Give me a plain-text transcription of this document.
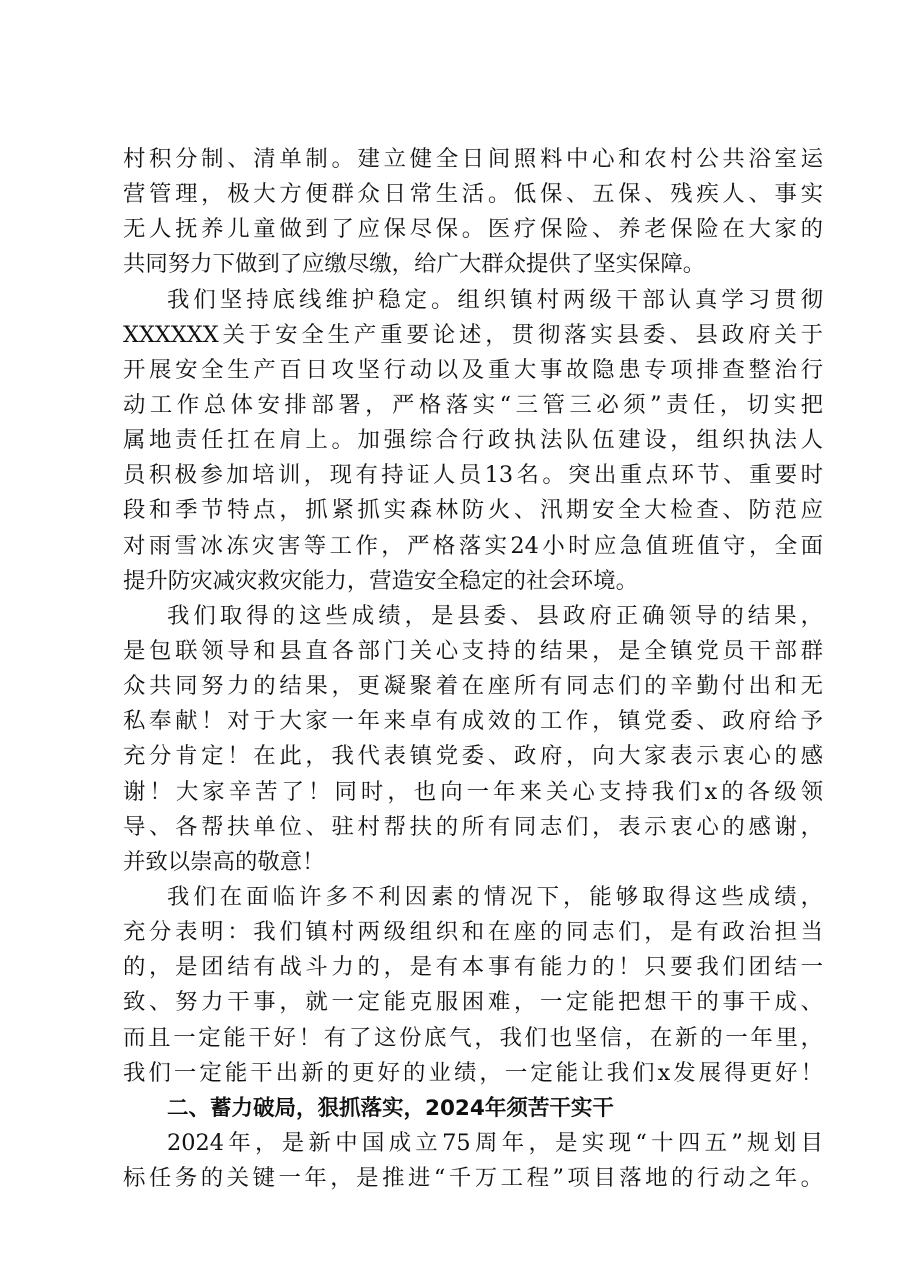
村积分制、清单制。建立健全日间照料中心和农村公共浴室运
营管理，极大方便群众日常生活。低保、五保、残疾人、事实
无人抚养儿童做到了应保尽保。医疗保险、养老保险在大家的
共同努力下做到了应缴尽缴，给广大群众提供了坚实保障。
我们坚持底线维护稳定。组织镇村两级干部认真学习贯彻
XXXXXX关于安全生产重要论述，贯彻落实县委、县政府关于
开展安全生产百日攻坚行动以及重大事故隐患专项排查整治行
动工作总体安排部署，严格落实“三管三必须”责任，切实把
属地责任扛在肩上。加强综合行政执法队伍建设，组织执法人
员积极参加培训，现有持证人员13名。突出重点环节、重要时
段和季节特点，抓紧抓实森林防火、汛期安全大检查、防范应
对雨雪冰冻灾害等工作，严格落实24小时应急值班值守，全面
提升防灾减灾救灾能力，营造安全稳定的社会环境。
我们取得的这些成绩，是县委、县政府正确领导的结果，
是包联领导和县直各部门关心支持的结果，是全镇党员干部群
众共同努力的结果，更凝聚着在座所有同志们的辛勤付出和无
私奉献！对于大家一年来卓有成效的工作，镇党委、政府给予
充分肯定！在此，我代表镇党委、政府，向大家表示衷心的感
谢！大家辛苦了！同时，也向一年来关心支持我们x的各级领
导、各帮扶单位、驻村帮扶的所有同志们，表示衷心的感谢，
并致以崇高的敬意！
我们在面临许多不利因素的情况下，能够取得这些成绩，
充分表明：我们镇村两级组织和在座的同志们，是有政治担当
的，是团结有战斗力的，是有本事有能力的！只要我们团结一
致、努力干事，就一定能克服困难，一定能把想干的事干成、
而且一定能干好！有了这份底气，我们也坚信，在新的一年里，
我们一定能干出新的更好的业绩，一定能让我们x发展得更好！
二、蓄力破局，狠抓落实，2024年须苦干实干
2024年，是新中国成立75周年，是实现“十四五”规划目
标任务的关键一年，是推进“千万工程”项目落地的行动之年。
